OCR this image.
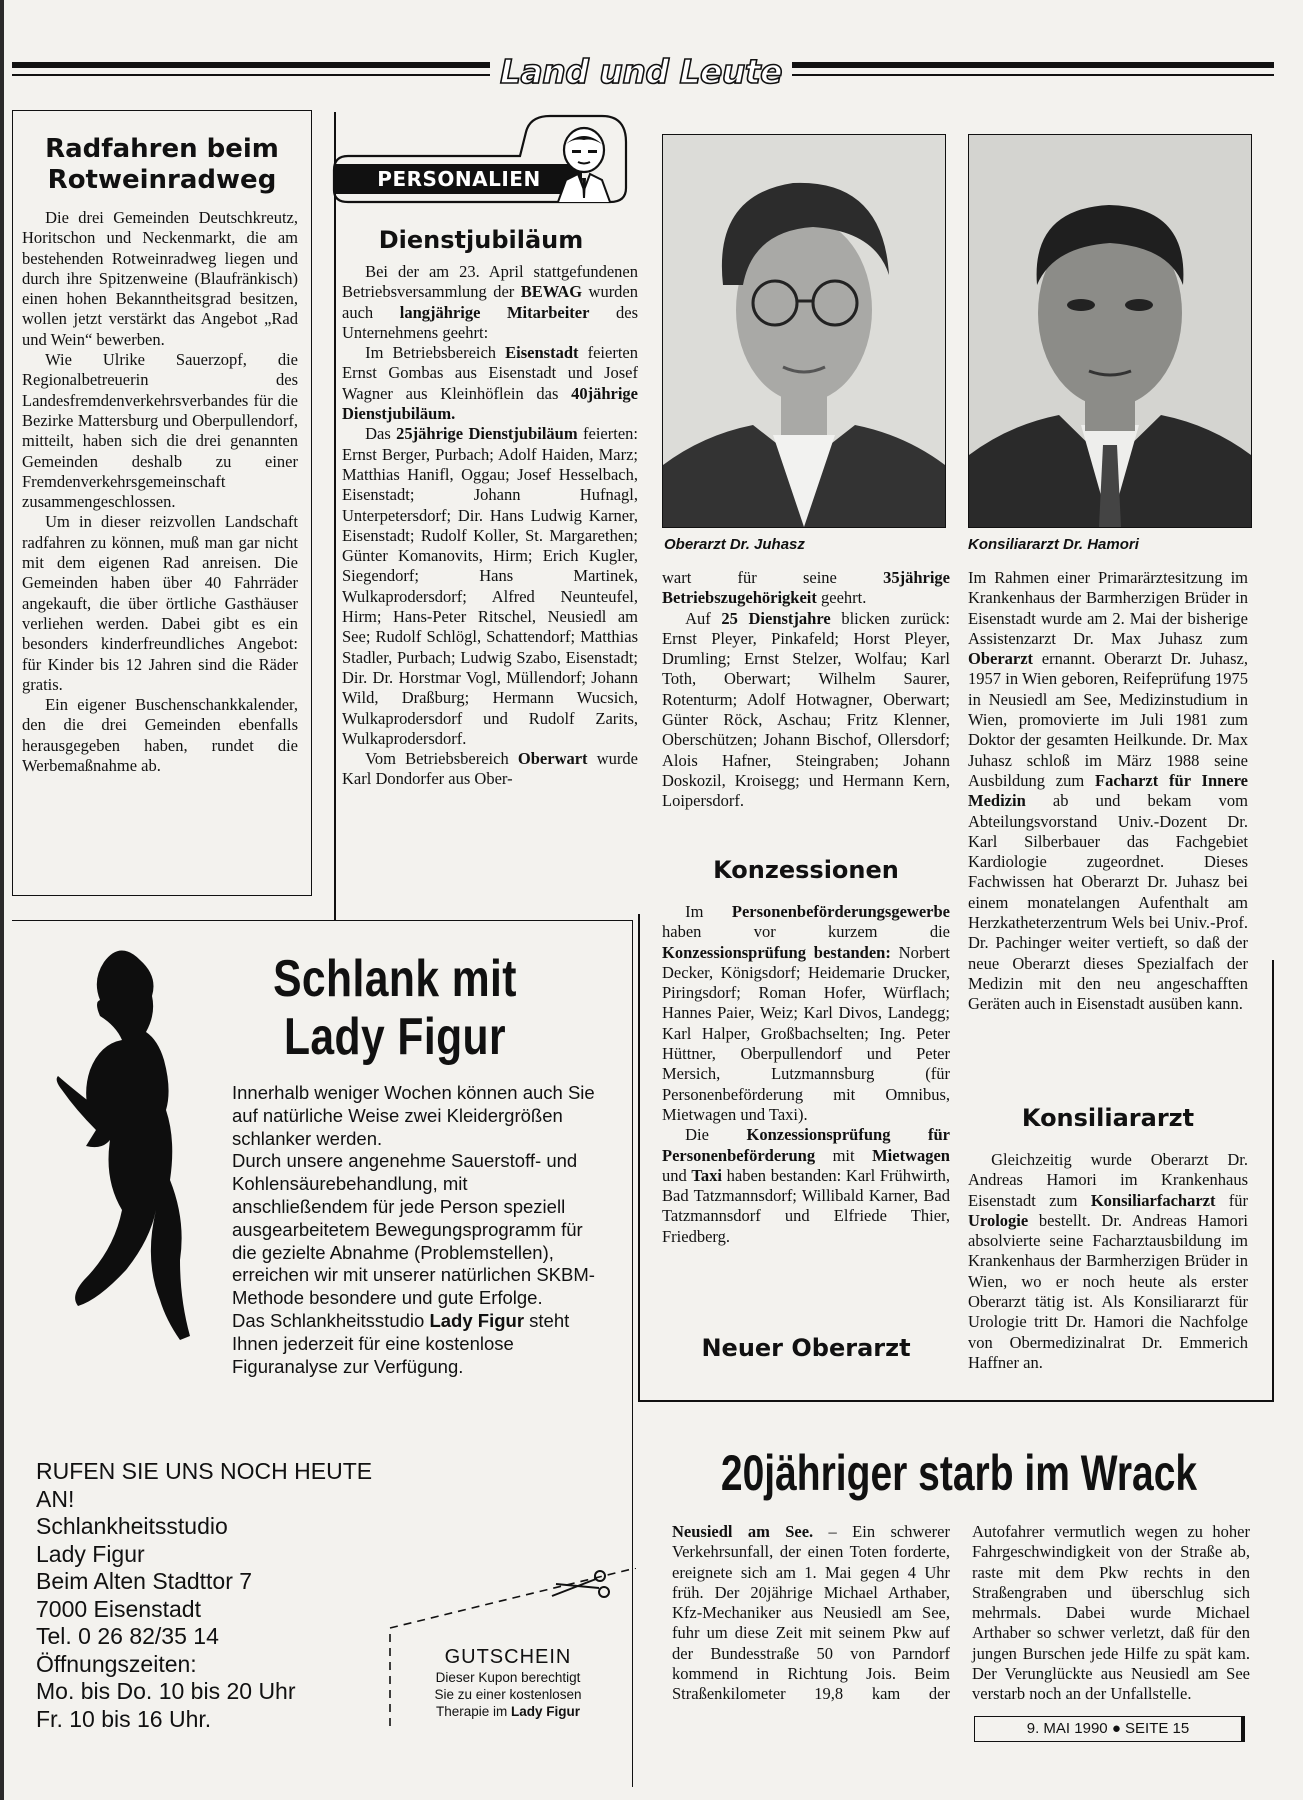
Land und Leute
Radfahren beim
Rotweinradweg

Die drei Gemeinden Deutschkreutz, Horitschon und Neckenmarkt, die am bestehenden Rotweinradweg liegen und durch ihre Spitzenweine (Blaufränkisch) einen hohen Bekanntheitsgrad besitzen, wollen jetzt verstärkt das Angebot „Rad und Wein“ bewerben.

Wie Ulrike Sauerzopf, die Regionalbetreuerin des Landesfremdenverkehrsverbandes für die Bezirke Mattersburg und Oberpullendorf, mitteilt, haben sich die drei genannten Gemeinden deshalb zu einer Fremdenverkehrsgemeinschaft zusammengeschlossen.

Um in dieser reizvollen Landschaft radfahren zu können, muß man gar nicht mit dem eigenen Rad anreisen. Die Gemeinden haben über 40 Fahrräder angekauft, die über örtliche Gasthäuser verliehen werden. Dabei gibt es ein besonders kinderfreundliches Angebot: für Kinder bis 12 Jahren sind die Räder gratis.

Ein eigener Buschenschankkalender, den die drei Gemeinden ebenfalls herausgegeben haben, rundet die Werbemaßnahme ab.

PERSONALIEN
Dienstjubiläum

Bei der am 23. April stattgefundenen Betriebsversammlung der BEWAG wurden auch langjährige Mitarbeiter des Unternehmens geehrt:

Im Betriebsbereich Eisenstadt feierten Ernst Gombas aus Eisenstadt und Josef Wagner aus Kleinhöflein das 40jährige Dienstjubiläum.

Das 25jährige Dienstjubiläum feierten: Ernst Berger, Purbach; Adolf Haiden, Marz; Matthias Hanifl, Oggau; Josef Hesselbach, Eisenstadt; Johann Hufnagl, Unterpetersdorf; Dir. Hans Ludwig Karner, Eisenstadt; Rudolf Koller, St. Margarethen; Günter Komanovits, Hirm; Erich Kugler, Siegendorf; Hans Martinek, Wulkaprodersdorf; Alfred Neunteufel, Hirm; Hans-Peter Ritschel, Neusiedl am See; Rudolf Schlögl, Schattendorf; Matthias Stadler, Purbach; Ludwig Szabo, Eisenstadt; Dir. Dr. Horstmar Vogl, Müllendorf; Johann Wild, Draßburg; Hermann Wucsich, Wulkaprodersdorf und Rudolf Zarits, Wulkaprodersdorf.

Vom Betriebsbereich Oberwart wurde Karl Dondorfer aus Ober-

Oberarzt Dr. Juhasz	Konsiliararzt Dr. Hamori

wart für seine 35jährige Betriebszugehörigkeit geehrt.

Auf 25 Dienstjahre blicken zurück: Ernst Pleyer, Pinkafeld; Horst Pleyer, Drumling; Ernst Stelzer, Wolfau; Karl Toth, Oberwart; Wilhelm Saurer, Rotenturm; Adolf Hotwagner, Oberwart; Günter Röck, Aschau; Fritz Klenner, Oberschützen; Johann Bischof, Ollersdorf; Alois Hafner, Steingraben; Johann Doskozil, Kroisegg; und Hermann Kern, Loipersdorf.

Konzessionen

Im Personenbeförderungsgewerbe haben vor kurzem die Konzessionsprüfung bestanden: Norbert Decker, Königsdorf; Heidemarie Drucker, Piringsdorf; Roman Hofer, Würflach; Hannes Paier, Weiz; Karl Divos, Landegg; Karl Halper, Großbachselten; Ing. Peter Hüttner, Oberpullendorf und Peter Mersich, Lutzmannsburg (für Personenbeförderung mit Omnibus, Mietwagen und Taxi).

Die Konzessionsprüfung für Personenbeförderung mit Mietwagen und Taxi haben bestanden: Karl Frühwirth, Bad Tatzmannsdorf; Willibald Karner, Bad Tatzmannsdorf und Elfriede Thier, Friedberg.

Neuer Oberarzt

Im Rahmen einer Primarärztesitzung im Krankenhaus der Barmherzigen Brüder in Eisenstadt wurde am 2. Mai der bisherige Assistenzarzt Dr. Max Juhasz zum Oberarzt ernannt. Oberarzt Dr. Juhasz, 1957 in Wien geboren, Reifeprüfung 1975 in Neusiedl am See, Medizinstudium in Wien, promovierte im Juli 1981 zum Doktor der gesamten Heilkunde. Dr. Max Juhasz schloß im März 1988 seine Ausbildung zum Facharzt für Innere Medizin ab und bekam vom Abteilungsvorstand Univ.-Dozent Dr. Karl Silberbauer das Fachgebiet Kardiologie zugeordnet. Dieses Fachwissen hat Oberarzt Dr. Juhasz bei einem monatelangen Aufenthalt am Herzkatheterzentrum Wels bei Univ.-Prof. Dr. Pachinger weiter vertieft, so daß der neue Oberarzt dieses Spezialfach der Medizin mit den neu angeschafften Geräten auch in Eisenstadt ausüben kann.

Konsiliararzt

Gleichzeitig wurde Oberarzt Dr. Andreas Hamori im Krankenhaus Eisenstadt zum Konsiliarfacharzt für Urologie bestellt. Dr. Andreas Hamori absolvierte seine Facharztausbildung im Krankenhaus der Barmherzigen Brüder in Wien, wo er noch heute als erster Oberarzt tätig ist. Als Konsiliararzt für Urologie tritt Dr. Hamori die Nachfolge von Obermedizinalrat Dr. Emmerich Haffner an.

Schlank mit
Lady Figur
Innerhalb weniger Wochen können auch Sie auf natürliche Weise zwei Kleidergrößen schlanker werden.
Durch unsere angenehme Sauerstoff- und Kohlensäurebehandlung, mit anschließendem für jede Person speziell ausgearbeitetem Bewegungsprogramm für die gezielte Abnahme (Problemstellen), erreichen wir mit unserer natürlichen SKBM-Methode besondere und gute Erfolge.
Das Schlankheitsstudio Lady Figur steht Ihnen jederzeit für eine kostenlose Figuranalyse zur Verfügung.
RUFEN SIE UNS NOCH HEUTE AN!
Schlankheitsstudio
Lady Figur
Beim Alten Stadttor 7
7000 Eisenstadt
Tel. 0 26 82/35 14
Öffnungszeiten:
Mo. bis Do. 10 bis 20 Uhr
Fr. 10 bis 16 Uhr.
GUTSCHEIN
Dieser Kupon berechtigt
Sie zu einer kostenlosen
Therapie im Lady Figur
20jähriger starb im Wrack

Neusiedl am See. – Ein schwerer Verkehrsunfall, der einen Toten forderte, ereignete sich am 1. Mai gegen 4 Uhr früh. Der 20jährige Michael Arthaber, Kfz-Mechaniker aus Neusiedl am See, fuhr um diese Zeit mit seinem Pkw auf der Bundesstraße 50 von Parndorf kommend in Richtung Jois. Beim Straßenkilometer 19,8 kam der Autofahrer vermutlich wegen zu hoher Fahrgeschwindigkeit von der Straße ab, raste mit dem Pkw rechts in den Straßengraben und überschlug sich mehrmals. Dabei wurde Michael Arthaber so schwer verletzt, daß für den jungen Burschen jede Hilfe zu spät kam. Der Verunglückte aus Neusiedl am See verstarb noch an der Unfallstelle.

9. MAI 1990 ● SEITE 15
